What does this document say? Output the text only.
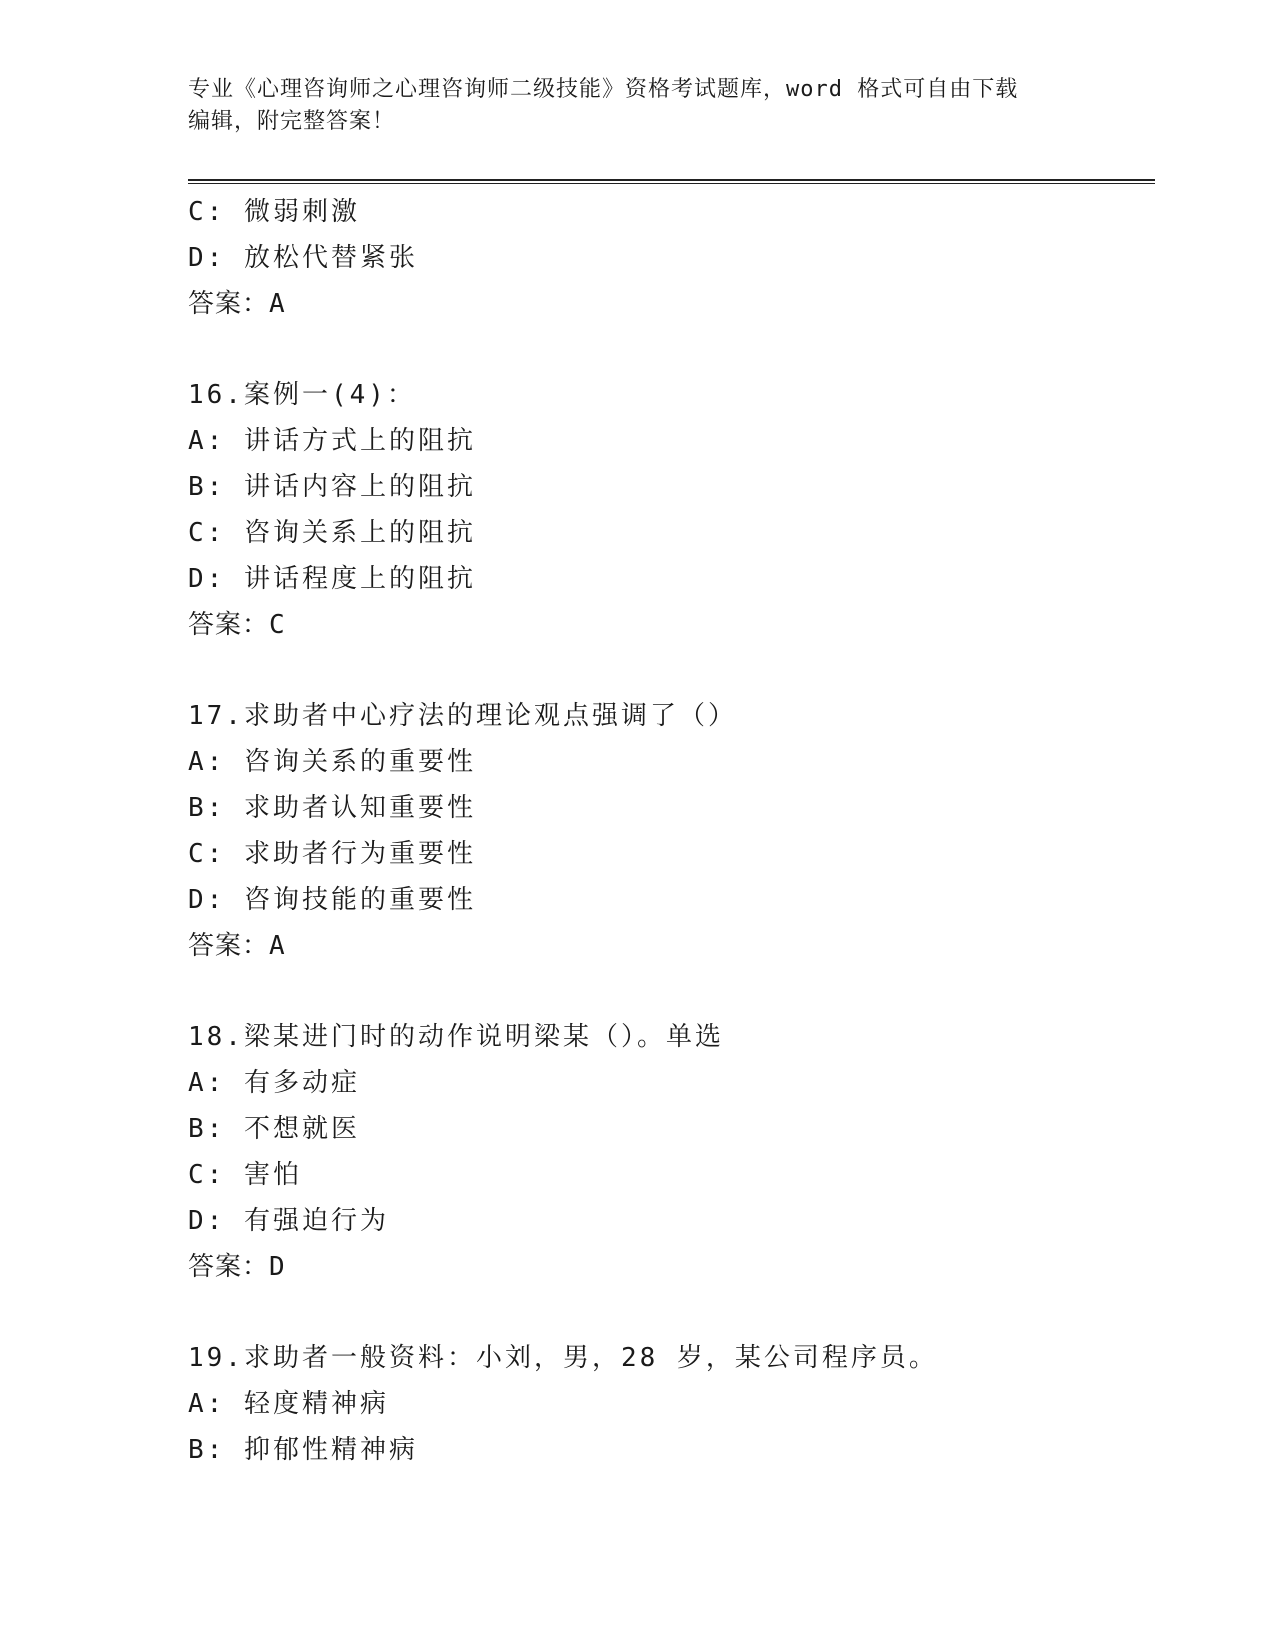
专业《心理咨询师之心理咨询师二级技能》资格考试题库，word 格式可自由下载
编辑，附完整答案！
C: 微弱刺激
D: 放松代替紧张
答案：A
16.案例一(4)：
A: 讲话方式上的阻抗
B: 讲话内容上的阻抗
C: 咨询关系上的阻抗
D: 讲话程度上的阻抗
答案：C
17.求助者中心疗法的理论观点强调了（）
A: 咨询关系的重要性
B: 求助者认知重要性
C: 求助者行为重要性
D: 咨询技能的重要性
答案：A
18.梁某进门时的动作说明梁某（）。单选
A: 有多动症
B: 不想就医
C: 害怕
D: 有强迫行为
答案：D
19.求助者一般资料：小刘，男，28 岁，某公司程序员。
A: 轻度精神病
B: 抑郁性精神病
